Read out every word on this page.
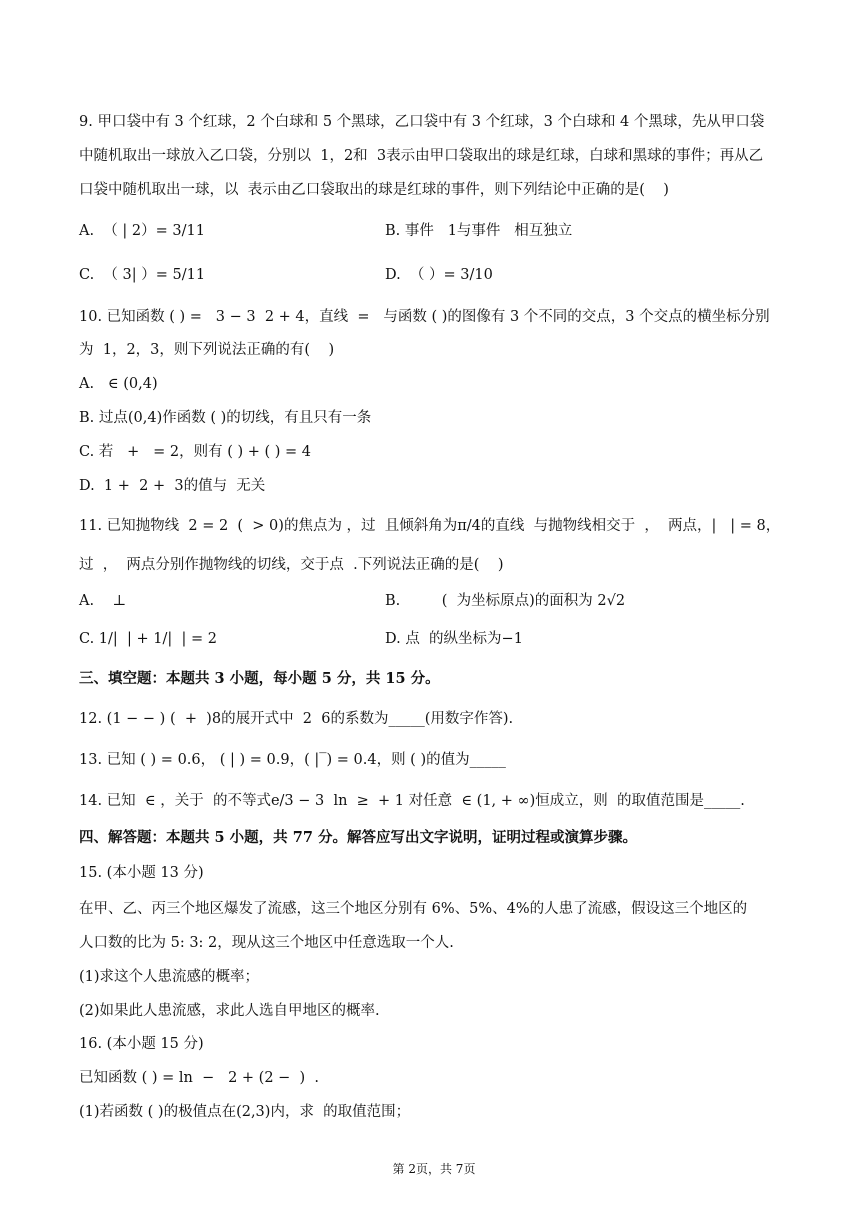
9. 甲口袋中有 3 个红球，2 个白球和 5 个黑球，乙口袋中有 3 个红球，3 个白球和 4 个黑球，先从甲口袋
中随机取出一球放入乙口袋，分别以  1，2和  3表示由甲口袋取出的球是红球，白球和黑球的事件；再从乙
口袋中随机取出一球，以  表示由乙口袋取出的球是红球的事件，则下列结论中正确的是(    )
A.  （ | 2）= 3/11	B. 事件   1与事件   相互独立
C.  （ 3| ）= 5/11	D.  （ ）= 3/10
10. 已知函数 ( ) =   3 − 3  2 + 4，直线  =   与函数 ( )的图像有 3 个不同的交点，3 个交点的横坐标分别
为  1，2，3，则下列说法正确的有(    )
A.   ∈ (0,4)
B. 过点(0,4)作函数 ( )的切线，有且只有一条
C. 若   +   = 2，则有 ( ) + ( ) = 4
D.  1 +  2 +  3的值与  无关
11. 已知抛物线  2 = 2  (  > 0)的焦点为 ，过  且倾斜角为π/4的直线  与抛物线相交于  ，  两点，|   | = 8，
过  ，  两点分别作抛物线的切线，交于点  .下列说法正确的是(    )
A.    ⊥	B.         (  为坐标原点)的面积为 2√2
C. 1/|  | + 1/|  | = 2	D. 点  的纵坐标为−1
三、填空题：本题共 3 小题，每小题 5 分，共 15 分。
12. (1 − − ) (  +  )8的展开式中  2  6的系数为_____(用数字作答).
13. 已知 ( ) = 0.6， ( | ) = 0.9，( |‾) = 0.4，则 ( )的值为_____
14. 已知  ∈ ，关于  的不等式e/3 − 3  ln  ≥  + 1 对任意  ∈ (1, + ∞)恒成立，则  的取值范围是_____.
四、解答题：本题共 5 小题，共 77 分。解答应写出文字说明，证明过程或演算步骤。
15. (本小题 13 分)
在甲、乙、丙三个地区爆发了流感，这三个地区分别有 6%、5%、4%的人患了流感，假设这三个地区的
人口数的比为 5: 3: 2，现从这三个地区中任意选取一个人.
(1)求这个人患流感的概率；
(2)如果此人患流感，求此人选自甲地区的概率.
16. (本小题 15 分)
已知函数 ( ) = ln  −   2 + (2 −  )  .
(1)若函数 ( )的极值点在(2,3)内，求  的取值范围；
第 2页，共 7页
